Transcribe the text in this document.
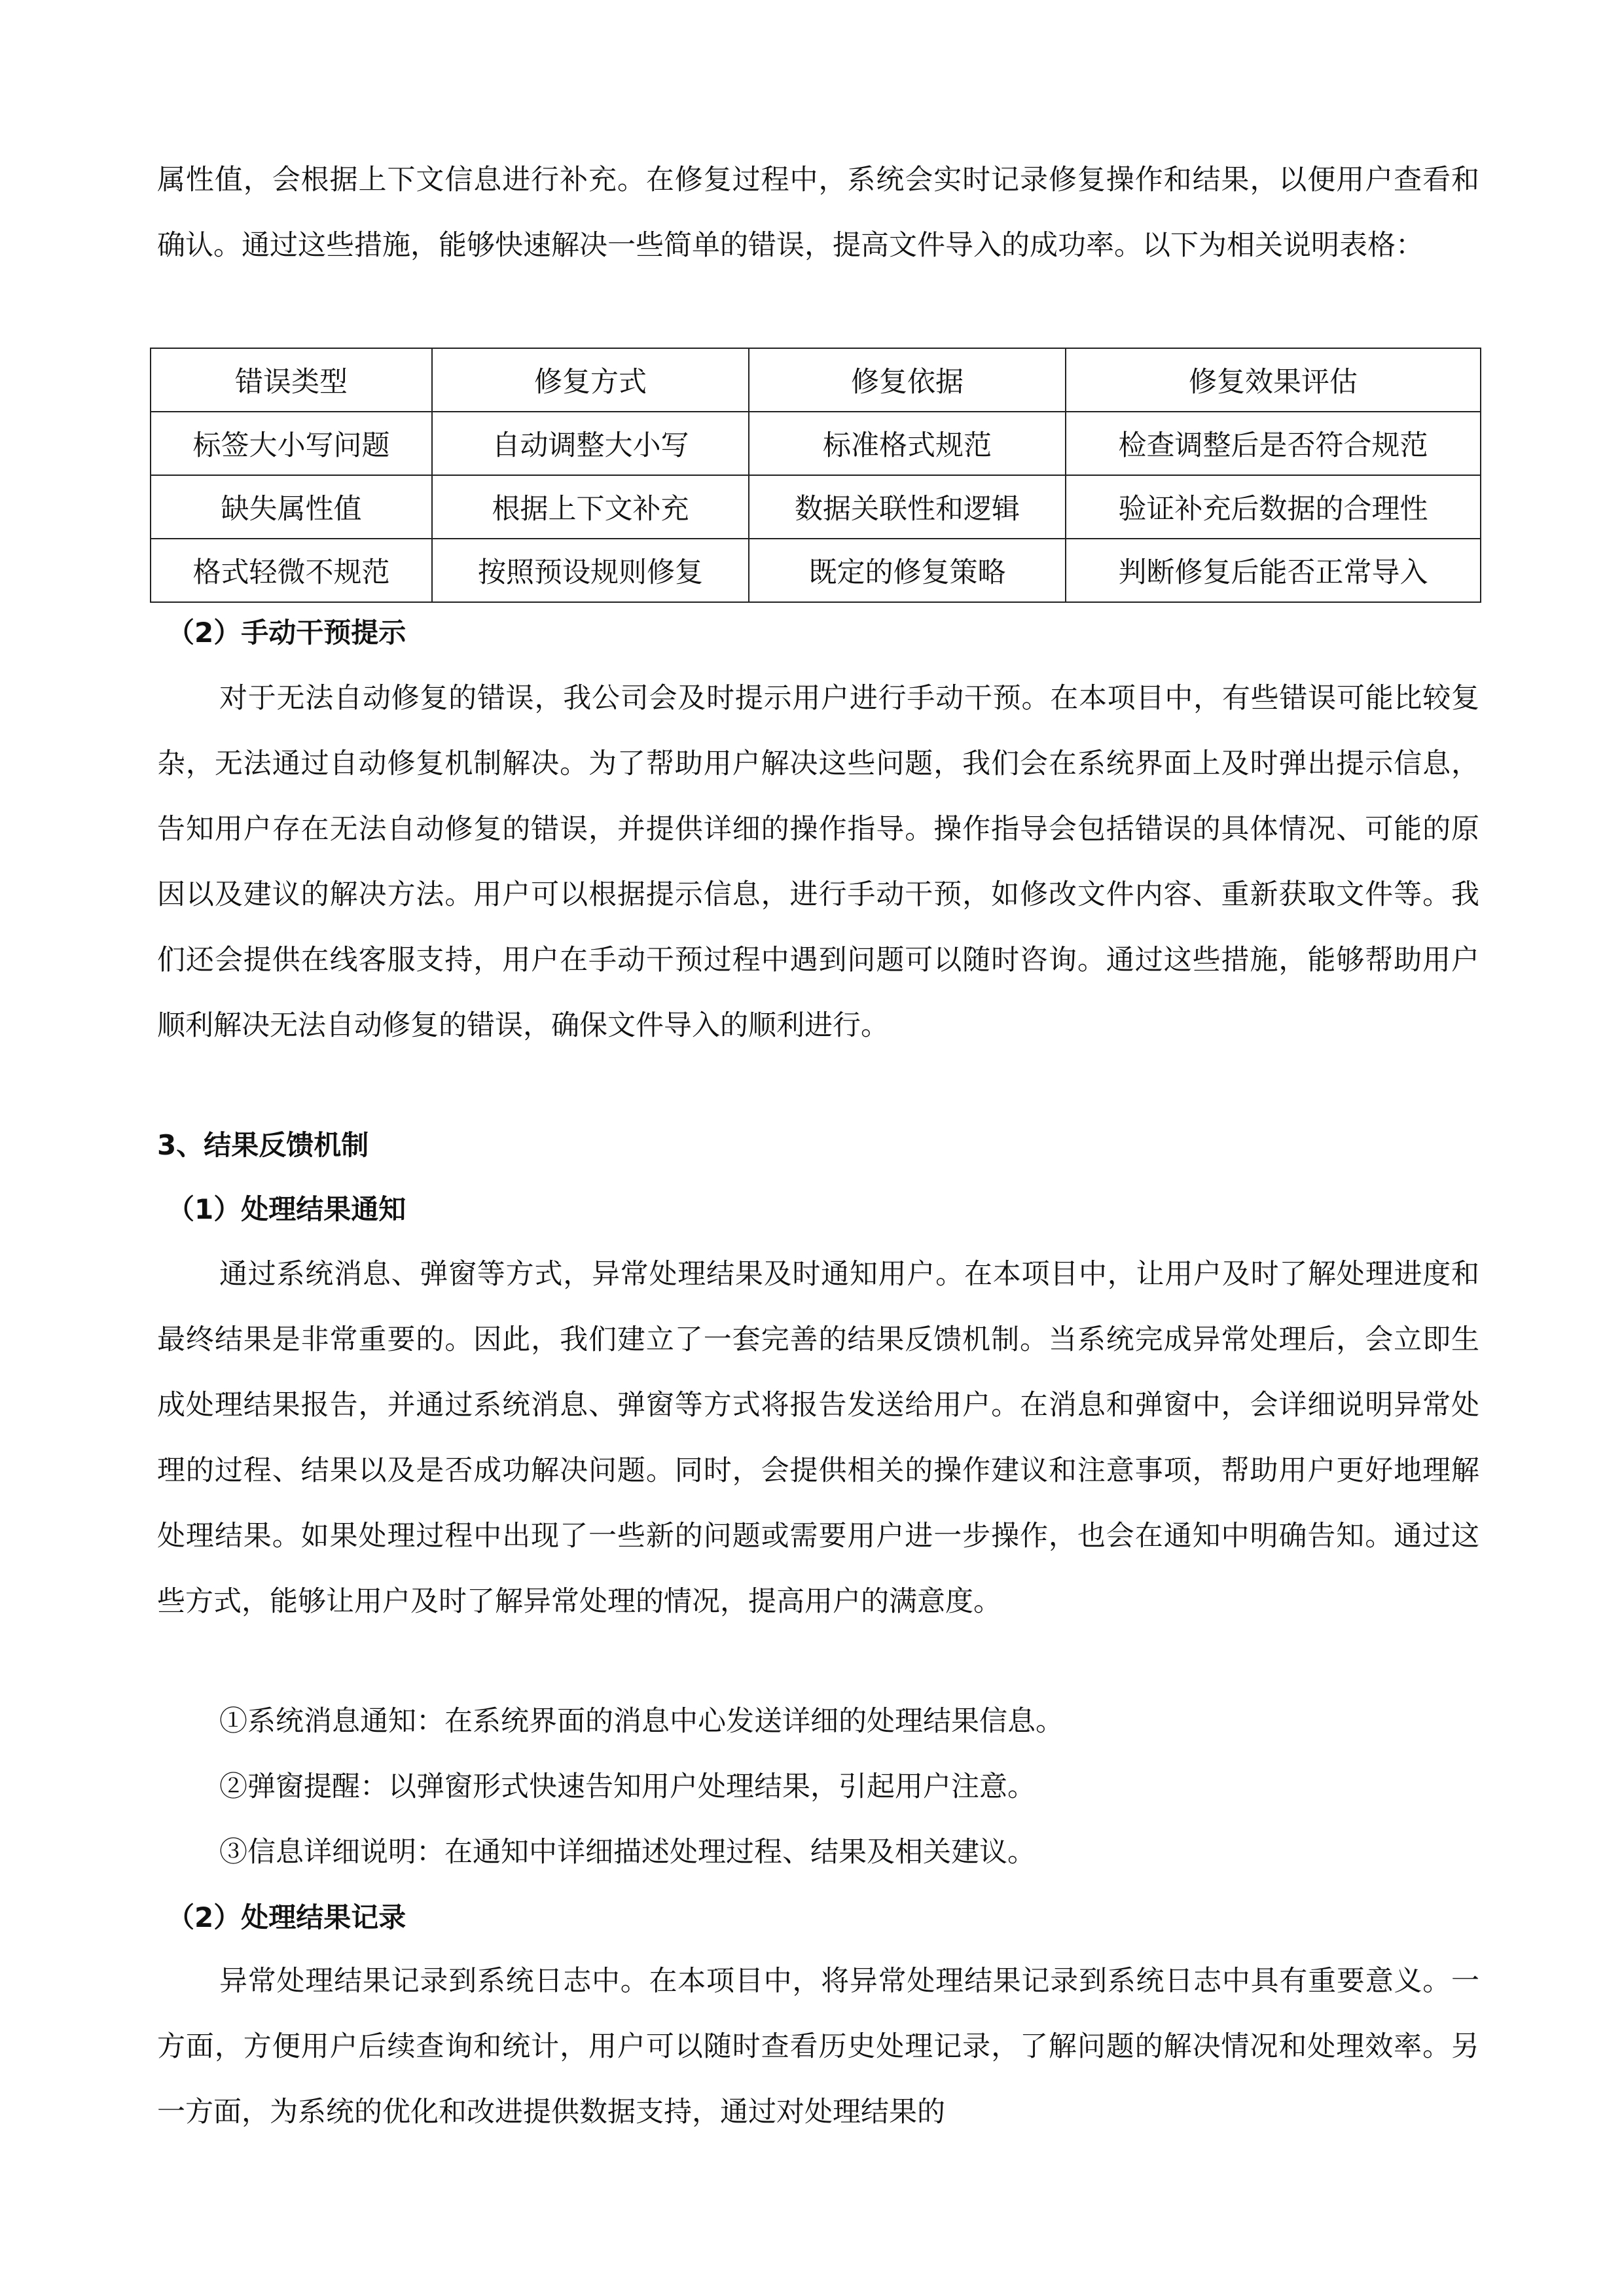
属性值，会根据上下文信息进行补充。在修复过程中，系统会实时记录修复操作和结果，以便用户查看和确认。通过这些措施，能够快速解决一些简单的错误，提高文件导入的成功率。以下为相关说明表格：

错误类型	修复方式	修复依据	修复效果评估
标签大小写问题	自动调整大小写	标准格式规范	检查调整后是否符合规范
缺失属性值	根据上下文补充	数据关联性和逻辑	验证补充后数据的合理性
格式轻微不规范	按照预设规则修复	既定的修复策略	判断修复后能否正常导入
（2）手动干预提示

对于无法自动修复的错误，我公司会及时提示用户进行手动干预。在本项目中，有些错误可能比较复杂，无法通过自动修复机制解决。为了帮助用户解决这些问题，我们会在系统界面上及时弹出提示信息，告知用户存在无法自动修复的错误，并提供详细的操作指导。操作指导会包括错误的具体情况、可能的原因以及建议的解决方法。用户可以根据提示信息，进行手动干预，如修改文件内容、重新获取文件等。我们还会提供在线客服支持，用户在手动干预过程中遇到问题可以随时咨询。通过这些措施，能够帮助用户顺利解决无法自动修复的错误，确保文件导入的顺利进行。

3、结果反馈机制
（1）处理结果通知

通过系统消息、弹窗等方式，异常处理结果及时通知用户。在本项目中，让用户及时了解处理进度和最终结果是非常重要的。因此，我们建立了一套完善的结果反馈机制。当系统完成异常处理后，会立即生成处理结果报告，并通过系统消息、弹窗等方式将报告发送给用户。在消息和弹窗中，会详细说明异常处理的过程、结果以及是否成功解决问题。同时，会提供相关的操作建议和注意事项，帮助用户更好地理解处理结果。如果处理过程中出现了一些新的问题或需要用户进一步操作，也会在通知中明确告知。通过这些方式，能够让用户及时了解异常处理的情况，提高用户的满意度。

①系统消息通知：在系统界面的消息中心发送详细的处理结果信息。

②弹窗提醒：以弹窗形式快速告知用户处理结果，引起用户注意。

③信息详细说明：在通知中详细描述处理过程、结果及相关建议。

（2）处理结果记录

异常处理结果记录到系统日志中。在本项目中，将异常处理结果记录到系统日志中具有重要意义。一方面，方便用户后续查询和统计，用户可以随时查看历史处理记录，了解问题的解决情况和处理效率。另一方面，为系统的优化和改进提供数据支持，通过对处理结果的
